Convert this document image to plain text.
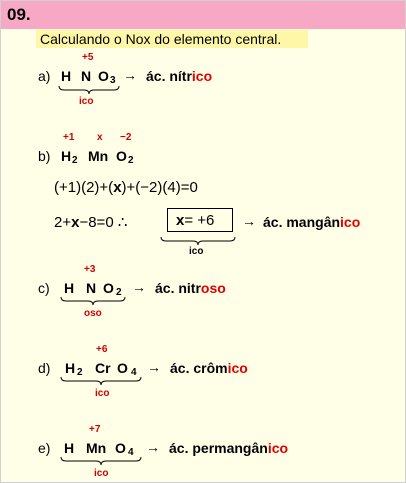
09.
Calculando o Nox do elemento central.
a)
+5
H N O 3
ico
→ ác. nítrico
+1 x −2
b) H 2 Mn O 2
(+1)(2)+(x)+(−2)(4)=0
2+x−8=0 ∴	x= +6
ico
→ ác. mangânico
+3
c) H N O 2
oso
→ ác. nitroso
+6
d) H 2 Cr O 4
ico
→ ác. crômico
+7
e) H Mn O 4
ico
→ ác. permangânico
